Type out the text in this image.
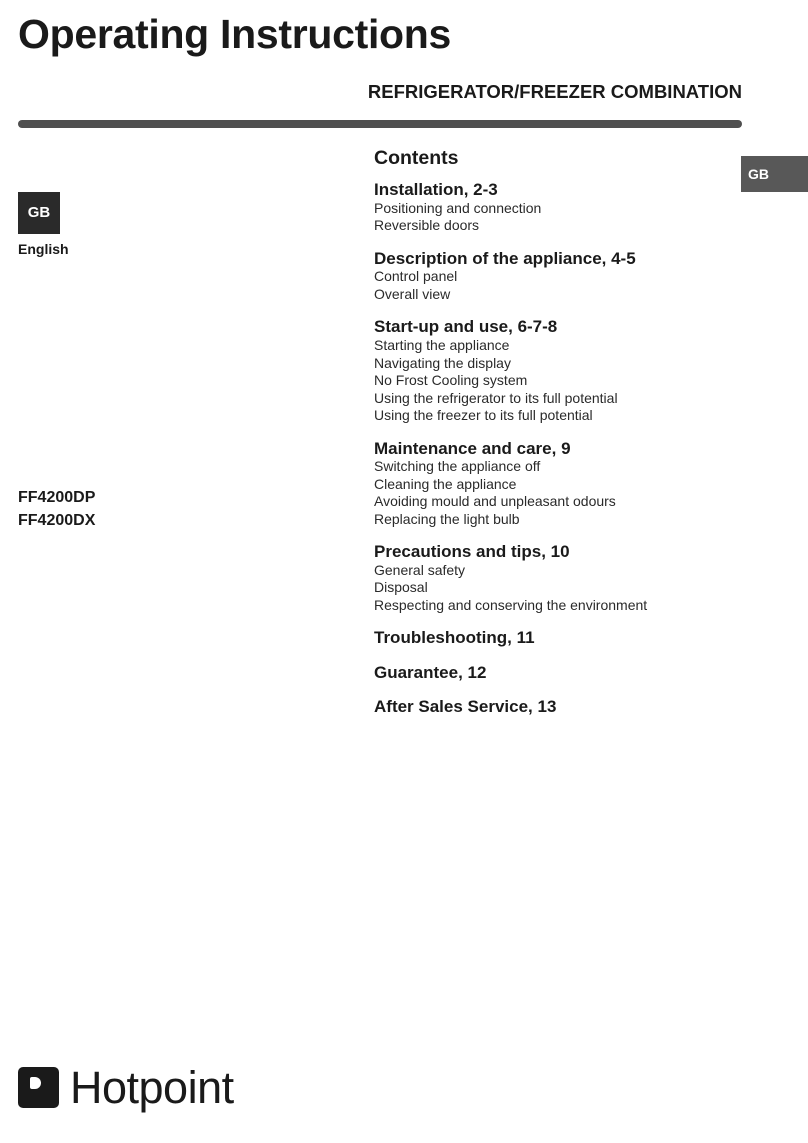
Operating Instructions
REFRIGERATOR/FREEZER COMBINATION
GB
GB
English
FF4200DP
FF4200DX
Contents
Installation, 2-3
Positioning and connection
Reversible doors
Description of the appliance, 4-5
Control panel
Overall view
Start-up and use, 6-7-8
Starting the appliance
Navigating the display
No Frost Cooling system
Using the refrigerator to its full potential
Using the freezer to its full potential
Maintenance and care, 9
Switching the appliance off
Cleaning the appliance
Avoiding mould and unpleasant odours
Replacing the light bulb
Precautions and tips, 10
General safety
Disposal
Respecting and conserving the environment
Troubleshooting, 11
Guarantee, 12
After Sales Service, 13
Hotpoint
